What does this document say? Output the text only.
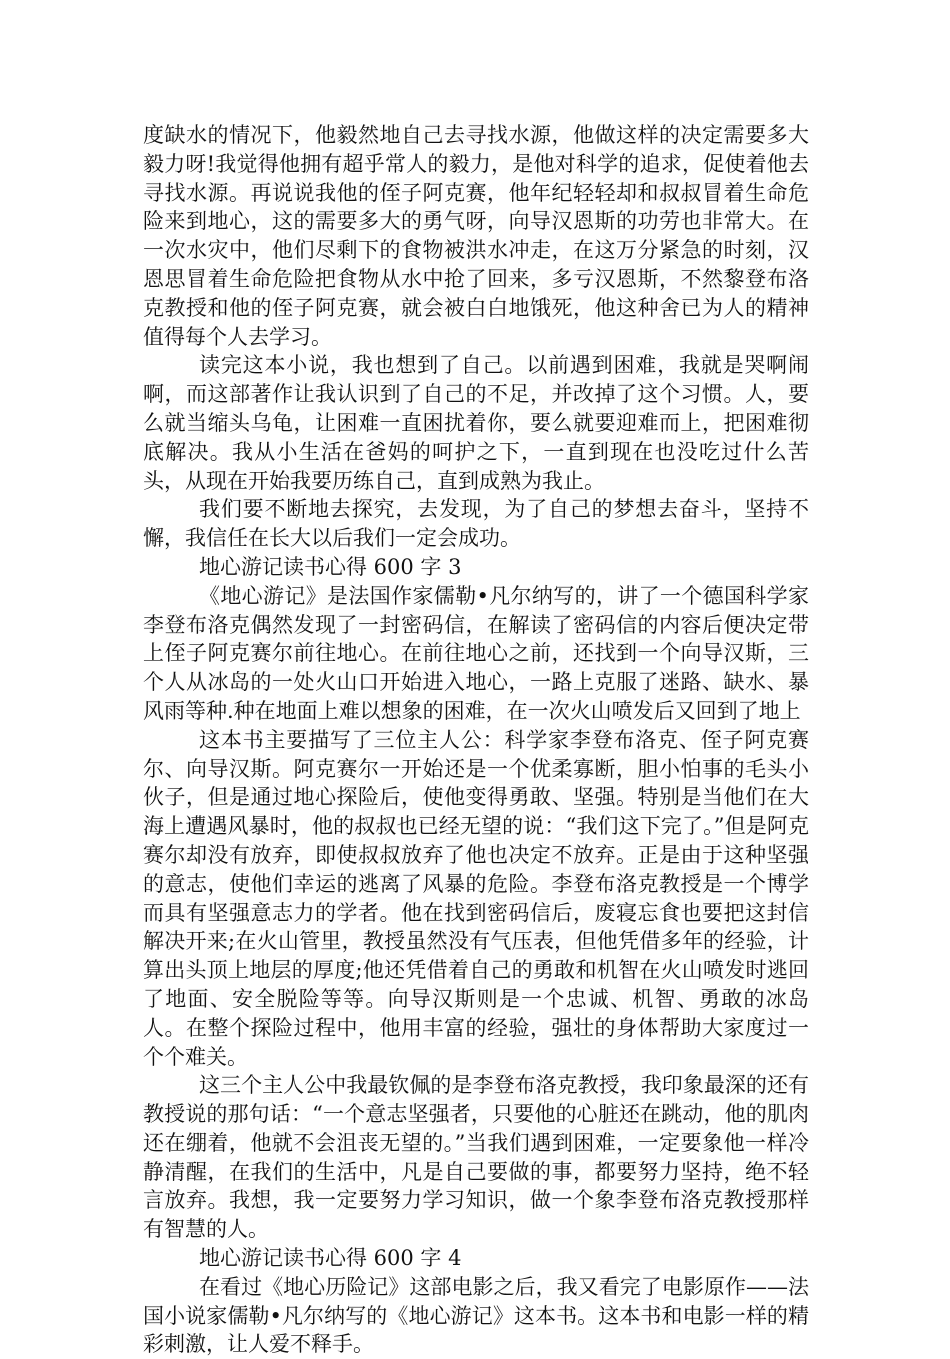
度缺水的情况下，他毅然地自己去寻找水源，他做这样的决定需要多大毅力呀!我觉得他拥有超乎常人的毅力，是他对科学的追求，促使着他去寻找水源。再说说我他的侄子阿克赛，他年纪轻轻却和叔叔冒着生命危险来到地心，这的需要多大的勇气呀，向导汉恩斯的功劳也非常大。在一次水灾中，他们尽剩下的食物被洪水冲走，在这万分紧急的时刻，汉恩思冒着生命危险把食物从水中抢了回来，多亏汉恩斯，不然黎登布洛克教授和他的侄子阿克赛，就会被白白地饿死，他这种舍已为人的精神值得每个人去学习。

读完这本小说，我也想到了自己。以前遇到困难，我就是哭啊闹啊，而这部著作让我认识到了自己的不足，并改掉了这个习惯。人，要么就当缩头乌龟，让困难一直困扰着你，要么就要迎难而上，把困难彻底解决。我从小生活在爸妈的呵护之下，一直到现在也没吃过什么苦头，从现在开始我要历练自己，直到成熟为我止。

我们要不断地去探究，去发现，为了自己的梦想去奋斗，坚持不懈，我信任在长大以后我们一定会成功。

地心游记读书心得 600 字 3

《地心游记》是法国作家儒勒•凡尔纳写的，讲了一个德国科学家李登布洛克偶然发现了一封密码信，在解读了密码信的内容后便决定带上侄子阿克赛尔前往地心。在前往地心之前，还找到一个向导汉斯，三个人从冰岛的一处火山口开始进入地心，一路上克服了迷路、缺水、暴风雨等种.种在地面上难以想象的困难，在一次火山喷发后又回到了地上

这本书主要描写了三位主人公：科学家李登布洛克、侄子阿克赛尔、向导汉斯。阿克赛尔一开始还是一个优柔寡断，胆小怕事的毛头小伙子，但是通过地心探险后，使他变得勇敢、坚强。特别是当他们在大海上遭遇风暴时，他的叔叔也已经无望的说：“我们这下完了。”但是阿克赛尔却没有放弃，即使叔叔放弃了他也决定不放弃。正是由于这种坚强的意志，使他们幸运的逃离了风暴的危险。李登布洛克教授是一个博学而具有坚强意志力的学者。他在找到密码信后，废寝忘食也要把这封信解决开来;在火山管里，教授虽然没有气压表，但他凭借多年的经验，计算出头顶上地层的厚度;他还凭借着自己的勇敢和机智在火山喷发时逃回了地面、安全脱险等等。向导汉斯则是一个忠诚、机智、勇敢的冰岛人。在整个探险过程中，他用丰富的经验，强壮的身体帮助大家度过一个个难关。

这三个主人公中我最钦佩的是李登布洛克教授，我印象最深的还有教授说的那句话：“一个意志坚强者，只要他的心脏还在跳动，他的肌肉还在绷着，他就不会沮丧无望的。”当我们遇到困难，一定要象他一样冷静清醒，在我们的生活中，凡是自己要做的事，都要努力坚持，绝不轻言放弃。我想，我一定要努力学习知识，做一个象李登布洛克教授那样有智慧的人。

地心游记读书心得 600 字 4

在看过《地心历险记》这部电影之后，我又看完了电影原作——法国小说家儒勒•凡尔纳写的《地心游记》这本书。这本书和电影一样的精彩刺激，让人爱不释手。
